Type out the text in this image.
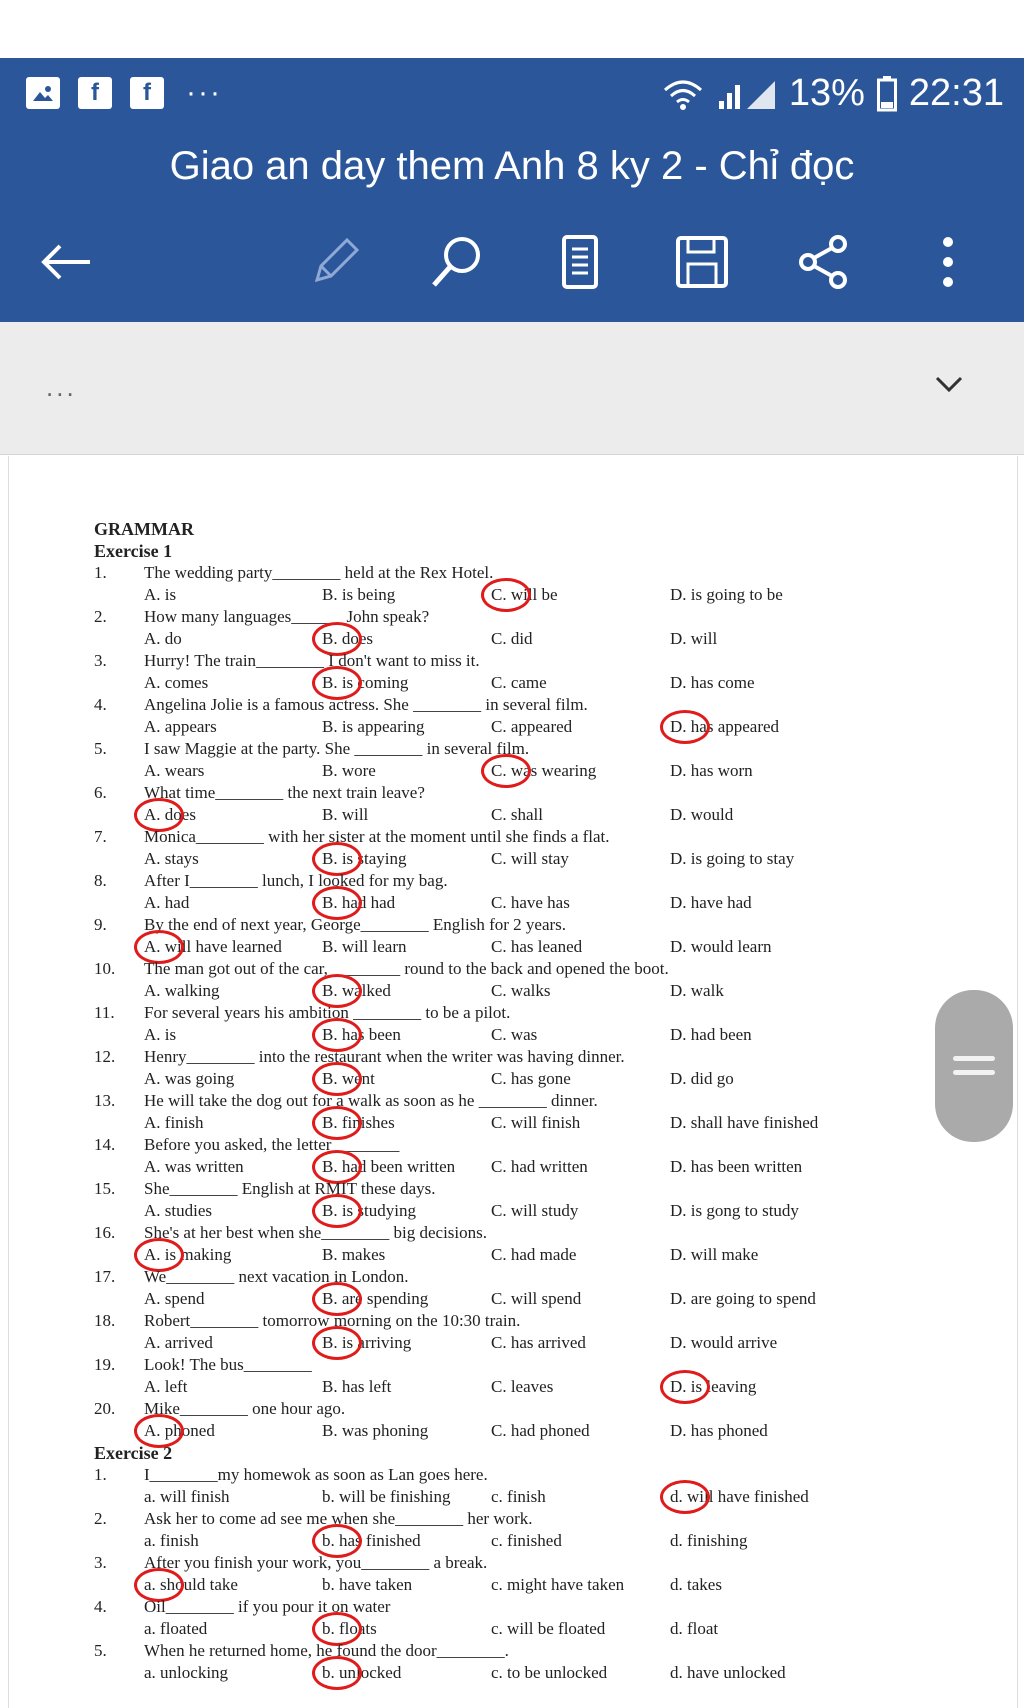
f	f	···	13% 22:31
Giao an day them Anh 8 ky 2 - Chỉ đọc
...
GRAMMAR
Exercise 1
1. The wedding party________ held at the Rex Hotel.
A. is	B. is being	C. will be	D. is going to be
2. How many languages______ John speak?
A. do	B. does	C. did	D. will
3. Hurry! The train________ I don't want to miss it.
A. comes	B. is coming	C. came	D. has come
4. Angelina Jolie is a famous actress. She ________ in several film.
A. appears	B. is appearing	C. appeared	D. has appeared
5. I saw Maggie at the party. She ________ in several film.
A. wears	B. wore	C. was wearing	D. has worn
6. What time________ the next train leave?
A. does	B. will	C. shall	D. would
7. Monica________ with her sister at the moment until she finds a flat.
A. stays	B. is staying	C. will stay	D. is going to stay
8. After I________ lunch, I looked for my bag.
A. had	B. had had	C. have has	D. have had
9. By the end of next year, George________ English for 2 years.
A. will have learned B. will learn	C. has leaned	D. would learn
10. The man got out of the car, ________ round to the back and opened the boot.
A. walking	B. walked	C. walks	D. walk
11. For several years his ambition ________ to be a pilot.
A. is	B. has been	C. was	D. had been
12. Henry________ into the restaurant when the writer was having dinner.
A. was going	B. went	C. has gone	D. did go
13. He will take the dog out for a walk as soon as he ________ dinner.
A. finish	B. finishes	C. will finish	D. shall have finished
14. Before you asked, the letter________
A. was written	B. had been written C. had written	D. has been written
15. She________ English at RMIT these days.
A. studies	B. is studying	C. will study	D. is gong to study
16. She's at her best when she________ big decisions.
A. is making	B. makes	C. had made	D. will make
17. We________ next vacation in London.
A. spend	B. are spending	C. will spend	D. are going to spend
18. Robert________ tomorrow morning on the 10:30 train.
A. arrived	B. is arriving	C. has arrived	D. would arrive
19. Look! The bus________
A. left	B. has left	C. leaves	D. is leaving
20. Mike________ one hour ago.
A. phoned	B. was phoning	C. had phoned	D. has phoned
Exercise 2
1. I________my homewok as soon as Lan goes here.
a. will finish	b. will be finishing c. finish	d. will have finished
2. Ask her to come ad see me when she________ her work.
a. finish	b. has finished	c. finished	d. finishing
3. After you finish your work, you________ a break.
a. should take	b. have taken	c. might have taken	d. takes
4. Oil________ if you pour it on water
a. floated	b. floats	c. will be floated	d. float
5. When he returned home, he found the door________.
a. unlocking	b. unlocked	c. to be unlocked	d. have unlocked
